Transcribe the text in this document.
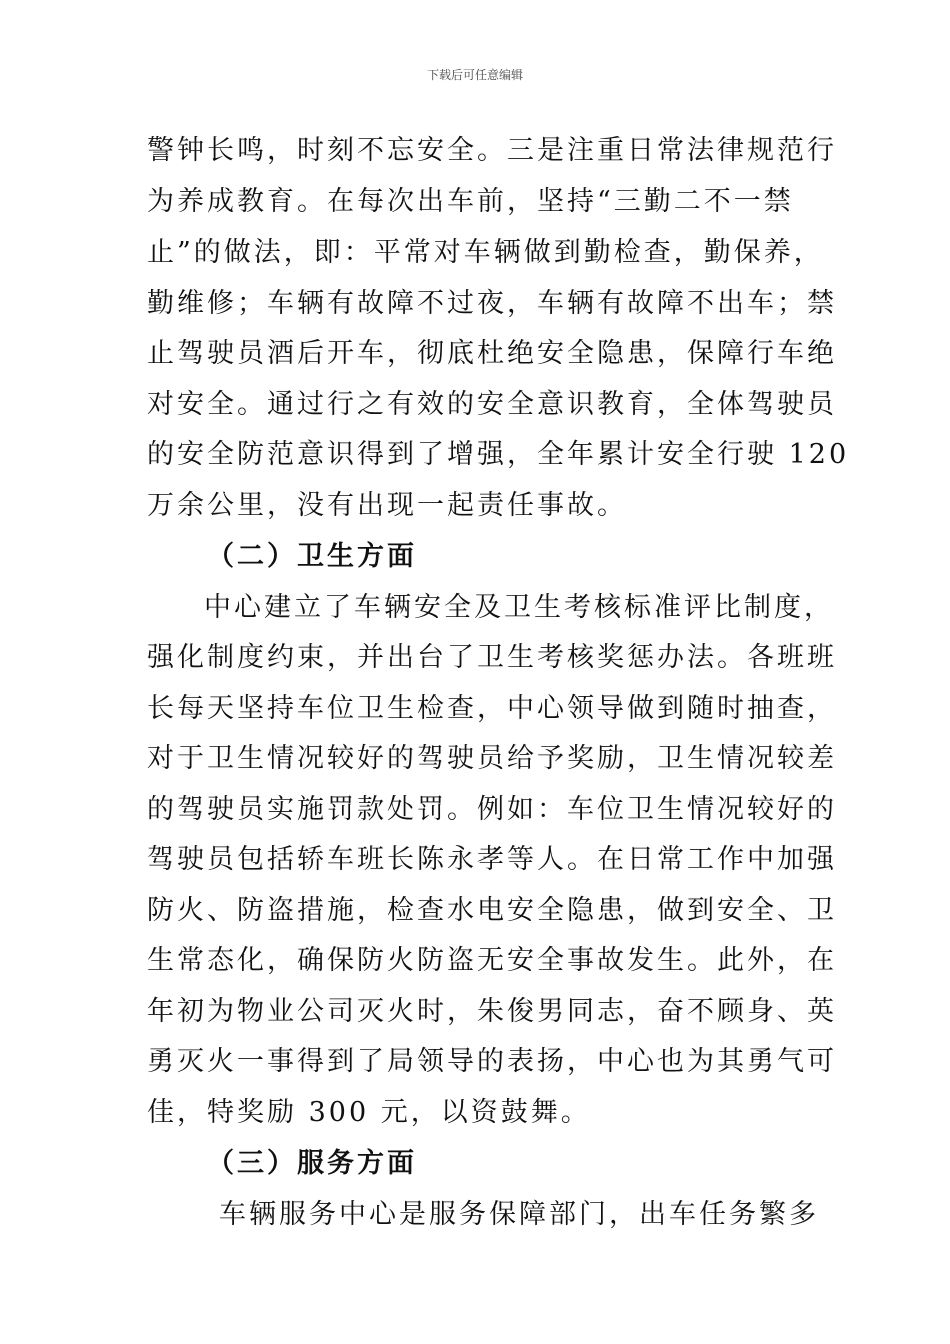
下载后可任意编辑
警钟长鸣，时刻不忘安全。三是注重日常法律规范行
为养成教育。在每次出车前，坚持“三勤二不一禁
止”的做法，即：平常对车辆做到勤检查，勤保养，
勤维修；车辆有故障不过夜，车辆有故障不出车；禁
止驾驶员酒后开车，彻底杜绝安全隐患，保障行车绝
对安全。通过行之有效的安全意识教育，全体驾驶员
的安全防范意识得到了增强，全年累计安全行驶 120
万余公里，没有出现一起责任事故。
（二）卫生方面
中心建立了车辆安全及卫生考核标准评比制度，
强化制度约束，并出台了卫生考核奖惩办法。各班班
长每天坚持车位卫生检查，中心领导做到随时抽查，
对于卫生情况较好的驾驶员给予奖励，卫生情况较差
的驾驶员实施罚款处罚。例如：车位卫生情况较好的
驾驶员包括轿车班长陈永孝等人。在日常工作中加强
防火、防盗措施，检查水电安全隐患，做到安全、卫
生常态化，确保防火防盗无安全事故发生。此外，在
年初为物业公司灭火时，朱俊男同志，奋不顾身、英
勇灭火一事得到了局领导的表扬，中心也为其勇气可
佳，特奖励 300 元，以资鼓舞。
（三）服务方面
车辆服务中心是服务保障部门，出车任务繁多
